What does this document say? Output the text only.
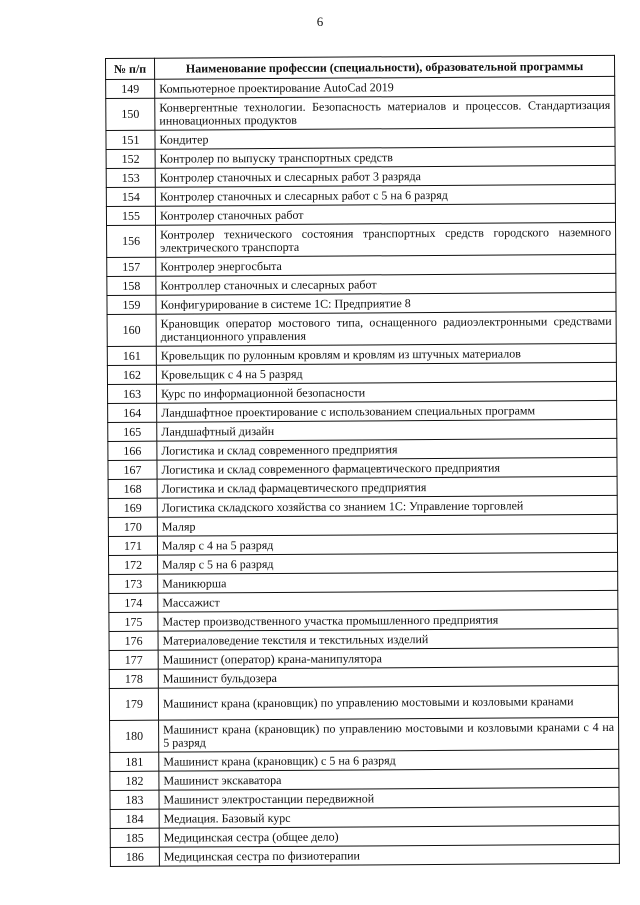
6
№ п/п	Наименование профессии (специальности), образовательной программы
149	Компьютерное проектирование AutoCad 2019
150	Конвергентные технологии. Безопасность материалов и процессов. Стандартизация инновационных продуктов
151	Кондитер
152	Контролер по выпуску транспортных средств
153	Контролер станочных и слесарных работ 3 разряда
154	Контролер станочных и слесарных работ с 5 на 6 разряд
155	Контролер станочных работ
156	Контролер технического состояния транспортных средств городского наземного электрического транспорта
157	Контролер энергосбыта
158	Контроллер станочных и слесарных работ
159	Конфигурирование в системе 1С: Предприятие 8
160	Крановщик оператор мостового типа, оснащенного радиоэлектронными средствами дистанционного управления
161	Кровельщик по рулонным кровлям и кровлям из штучных материалов
162	Кровельщик с 4 на 5 разряд
163	Курс по информационной безопасности
164	Ландшафтное проектирование с использованием специальных программ
165	Ландшафтный дизайн
166	Логистика и склад современного предприятия
167	Логистика и склад современного фармацевтического предприятия
168	Логистика и склад фармацевтического предприятия
169	Логистика складского хозяйства со знанием 1С: Управление торговлей
170	Маляр
171	Маляр с 4 на 5 разряд
172	Маляр с 5 на 6 разряд
173	Маникюрша
174	Массажист
175	Мастер производственного участка промышленного предприятия
176	Материаловедение текстиля и текстильных изделий
177	Машинист (оператор) крана-манипулятора
178	Машинист бульдозера
179	Машинист крана (крановщик) по управлению мостовыми и козловыми кранами
180	Машинист крана (крановщик) по управлению мостовыми и козловыми кранами с 4 на 5 разряд
181	Машинист крана (крановщик) с 5 на 6 разряд
182	Машинист экскаватора
183	Машинист электростанции передвижной
184	Медиация. Базовый курс
185	Медицинская сестра (общее дело)
186	Медицинская сестра по физиотерапии
